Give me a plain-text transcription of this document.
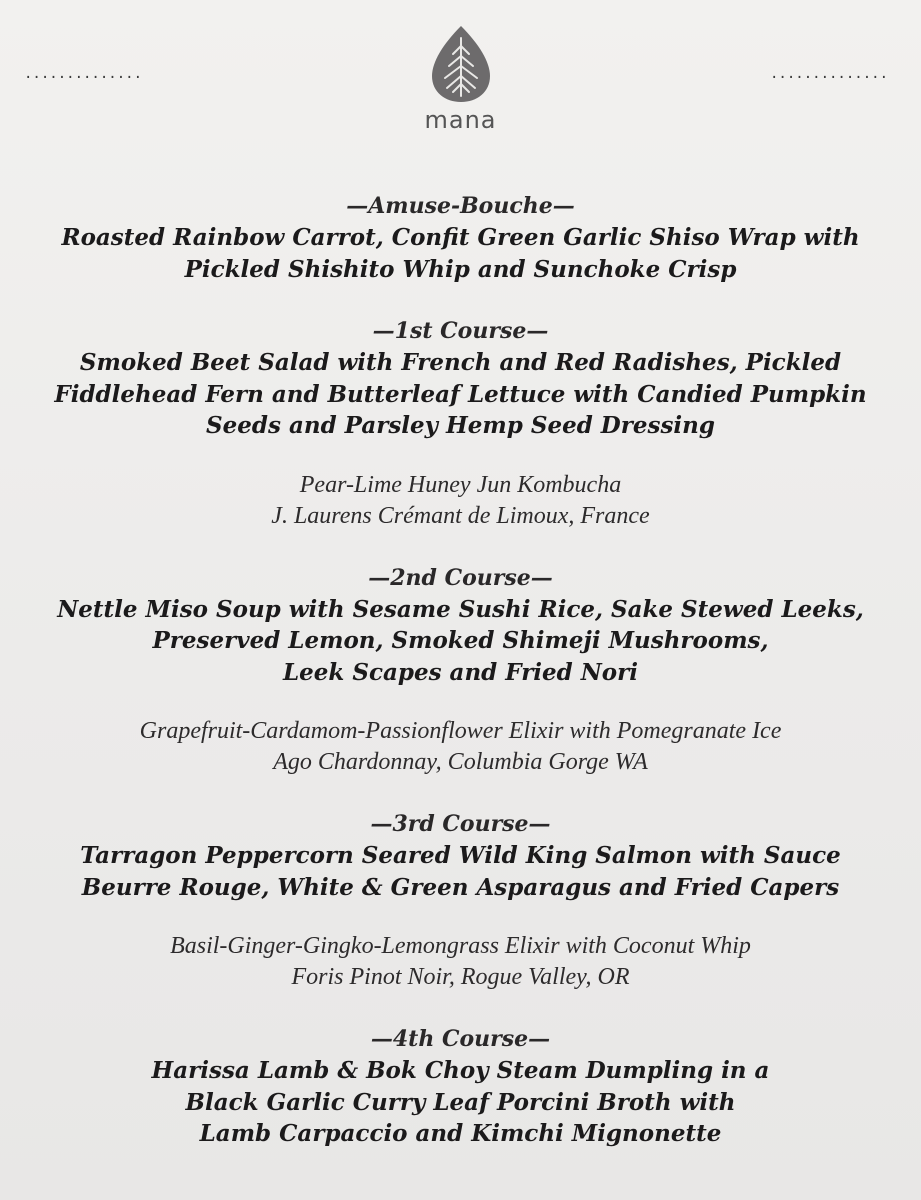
..............	..............
mana
—Amuse-Bouche—
Roasted Rainbow Carrot, Confit Green Garlic Shiso Wrap with
Pickled Shishito Whip and Sunchoke Crisp
—1st Course—
Smoked Beet Salad with French and Red Radishes, Pickled
Fiddlehead Fern and Butterleaf Lettuce with Candied Pumpkin
Seeds and Parsley Hemp Seed Dressing
Pear-Lime Huney Jun Kombucha
J. Laurens Crémant de Limoux, France
—2nd Course—
Nettle Miso Soup with Sesame Sushi Rice, Sake Stewed Leeks,
Preserved Lemon, Smoked Shimeji Mushrooms,
Leek Scapes and Fried Nori
Grapefruit-Cardamom-Passionflower Elixir with Pomegranate Ice
Ago Chardonnay, Columbia Gorge WA
—3rd Course—
Tarragon Peppercorn Seared Wild King Salmon with Sauce
Beurre Rouge, White & Green Asparagus and Fried Capers
Basil-Ginger-Gingko-Lemongrass Elixir with Coconut Whip
Foris Pinot Noir, Rogue Valley, OR
—4th Course—
Harissa Lamb & Bok Choy Steam Dumpling in a
Black Garlic Curry Leaf Porcini Broth with
Lamb Carpaccio and Kimchi Mignonette
